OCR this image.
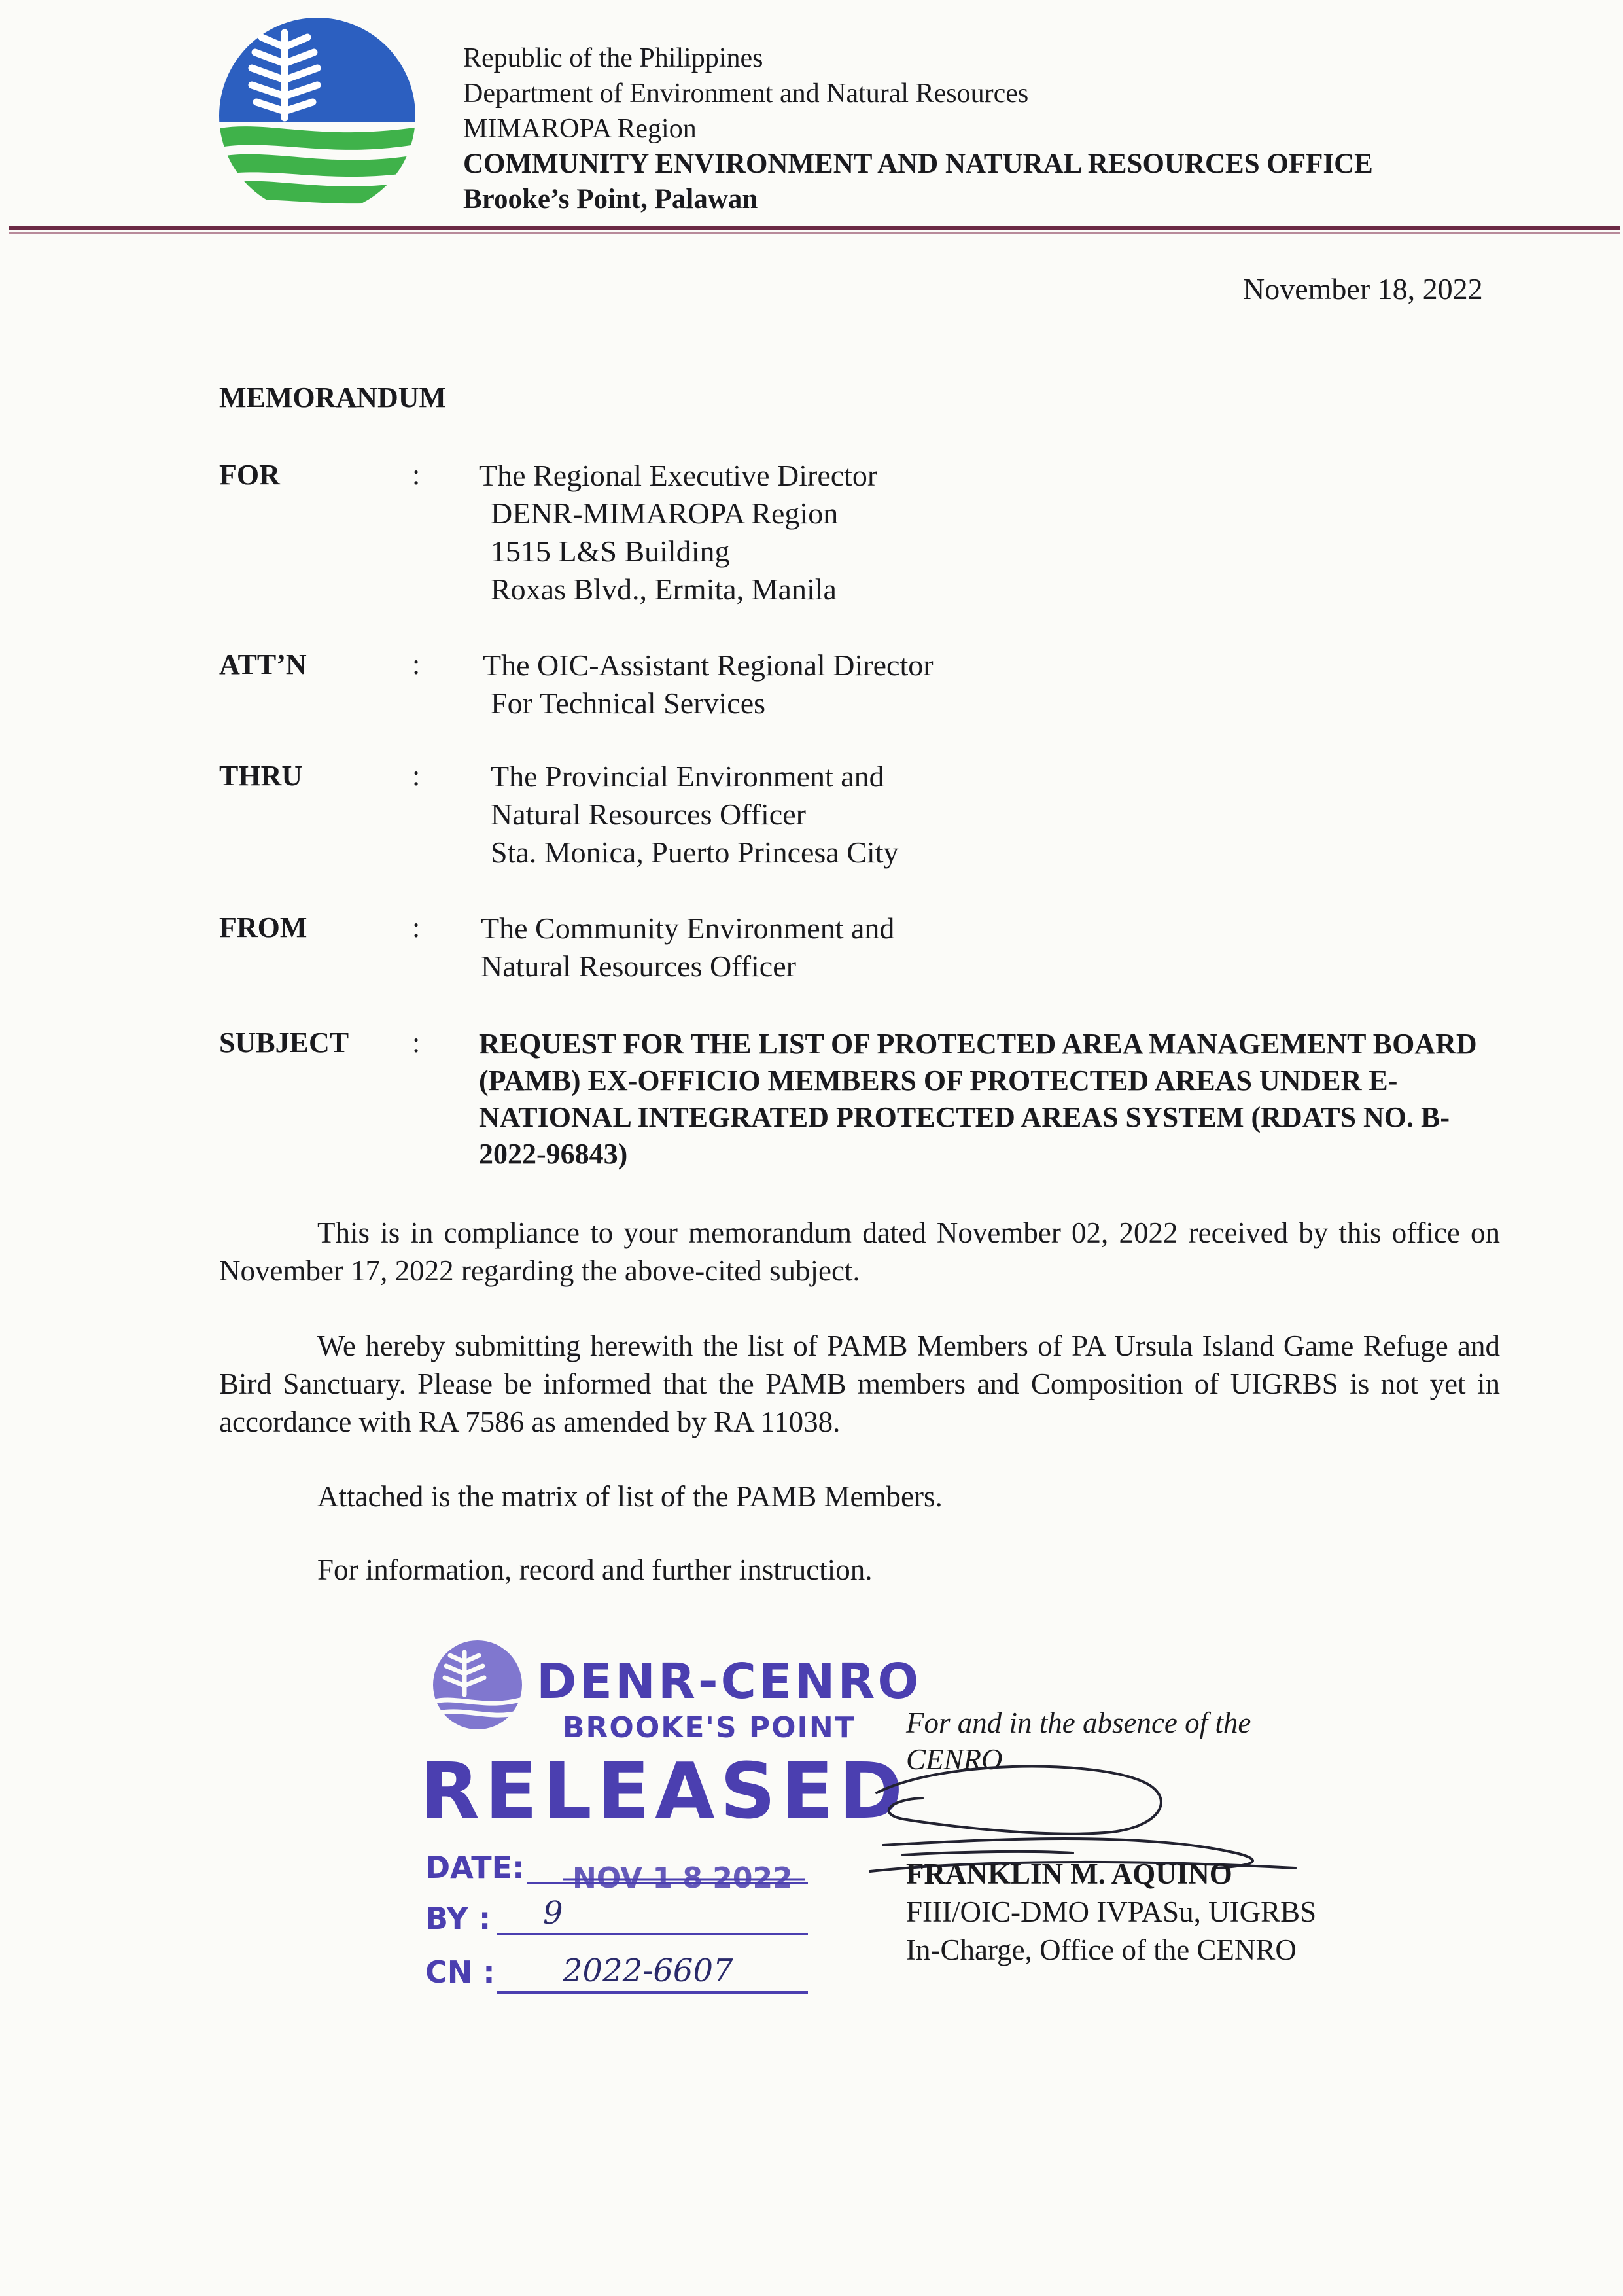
Republic of the Philippines
Department of Environment and Natural Resources
MIMAROPA Region
COMMUNITY ENVIRONMENT AND NATURAL RESOURCES OFFICE
Brooke’s Point, Palawan
November 18, 2022
MEMORANDUM
FOR	: The Regional Executive Director
DENR-MIMAROPA Region
1515 L&S Building
Roxas Blvd., Ermita, Manila
ATT’N	: The OIC-Assistant Regional Director
For Technical Services
THRU	: The Provincial Environment and
Natural Resources Officer
Sta. Monica, Puerto Princesa City
FROM	: The Community Environment and
Natural Resources Officer
SUBJECT : REQUEST FOR THE LIST OF PROTECTED AREA MANAGEMENT BOARD (PAMB) EX-OFFICIO MEMBERS OF PROTECTED AREAS UNDER E-NATIONAL INTEGRATED PROTECTED AREAS SYSTEM (RDATS NO. B-2022-96843)
This is in compliance to your memorandum dated November 02, 2022 received by this office on November 17, 2022 regarding the above-cited subject.
We hereby submitting herewith the list of PAMB Members of PA Ursula Island Game Refuge and Bird Sanctuary. Please be informed that the PAMB members and Composition of UIGRBS is not yet in accordance with RA 7586 as amended by RA 11038.
Attached is the matrix of list of the PAMB Members.
For information, record and further instruction.
DENR-CENRO
BROOKE'S POINT
RELEASED
DATE: NOV 1 8 2022
BY : 9
CN : 2022-6607
For and in the absence of the
CENRO
FRANKLIN M. AQUINO
FIII/OIC-DMO IVPASu, UIGRBS
In-Charge, Office of the CENRO
